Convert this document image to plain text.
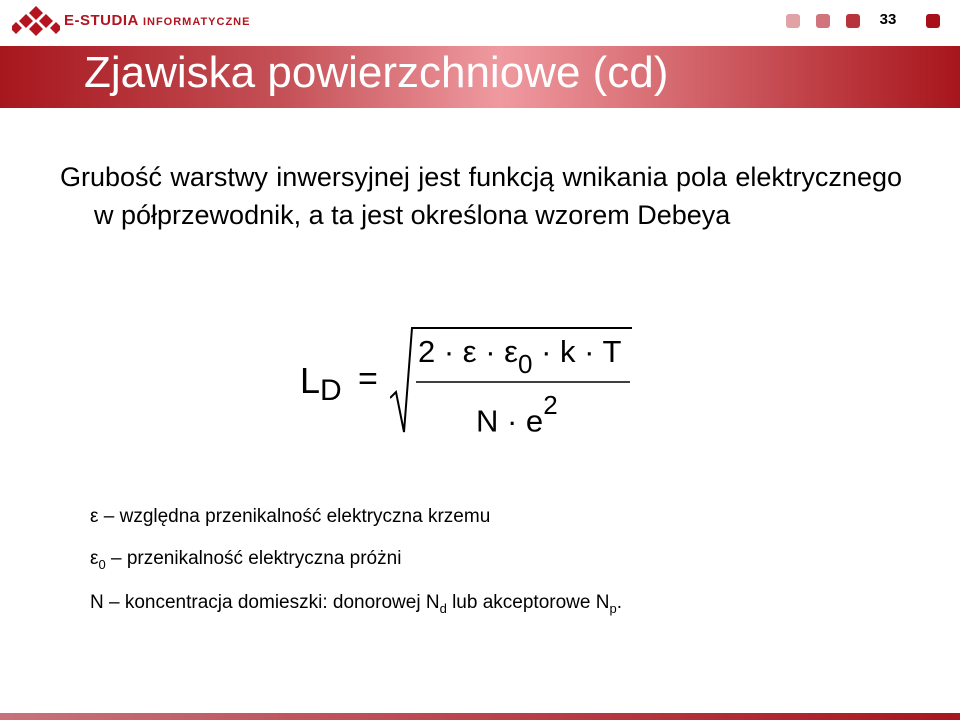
E-STUDIA INFORMATYCZNE	33
Zjawiska powierzchniowe (cd)
Grubość warstwy inwersyjnej jest funkcją wnikania pola elektrycznego w półprzewodnik, a ta jest określona wzorem Debeya
L D =
$2 \cdot \varepsilon \cdot \varepsilon_0 \cdot k \cdot T$
$N \cdot e^2$
ε – względna przenikalność elektryczna krzemu
$\varepsilon_0$ – przenikalność elektryczna próżni
N – koncentracja domieszki: donorowej $N_d$ lub akceptorowe $N_p$.
